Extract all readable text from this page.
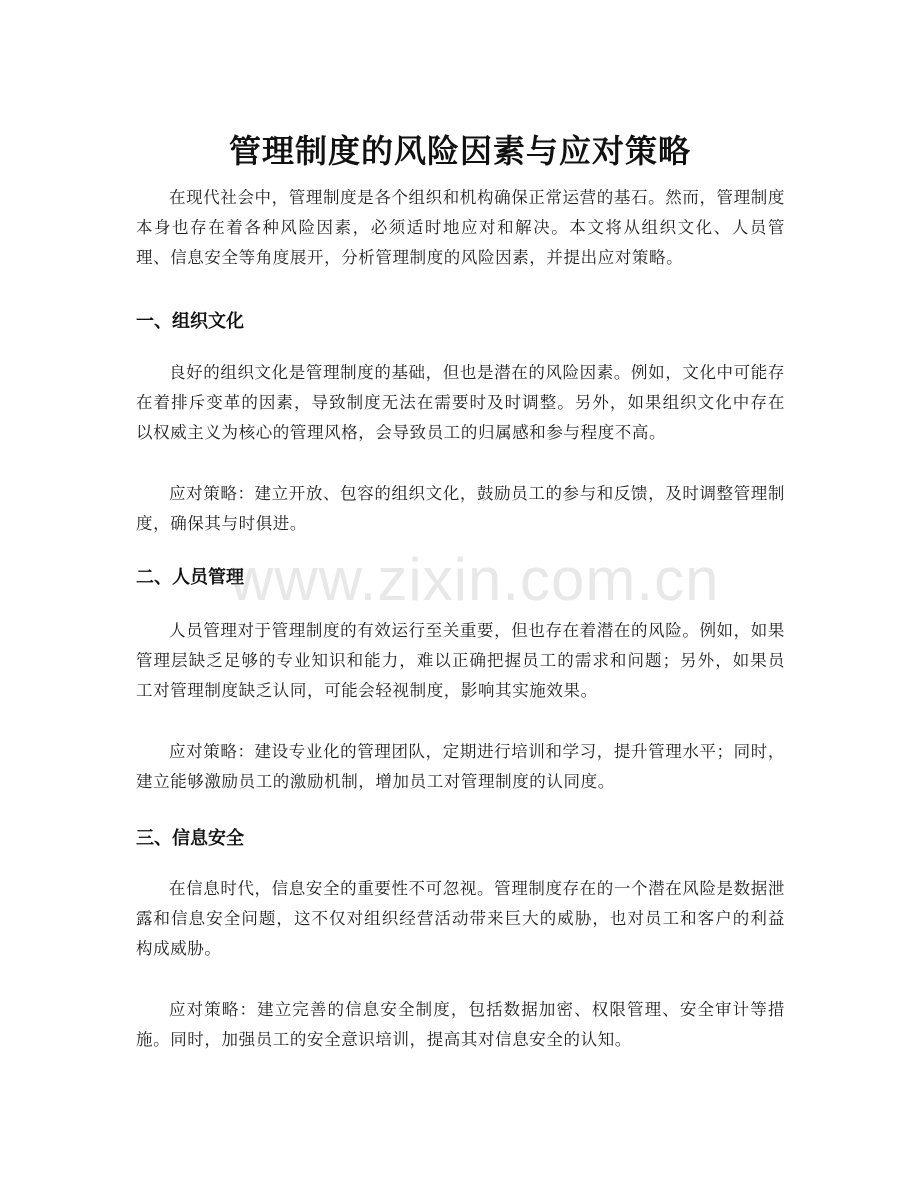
管理制度的风险因素与应对策略

在现代社会中，管理制度是各个组织和机构确保正常运营的基石。然而，管理制度本身也存在着各种风险因素，必须适时地应对和解决。本文将从组织文化、人员管理、信息安全等角度展开，分析管理制度的风险因素，并提出应对策略。

一、组织文化

良好的组织文化是管理制度的基础，但也是潜在的风险因素。例如，文化中可能存在着排斥变革的因素，导致制度无法在需要时及时调整。另外，如果组织文化中存在以权威主义为核心的管理风格，会导致员工的归属感和参与程度不高。

应对策略：建立开放、包容的组织文化，鼓励员工的参与和反馈，及时调整管理制度，确保其与时俱进。

二、人员管理

人员管理对于管理制度的有效运行至关重要，但也存在着潜在的风险。例如，如果管理层缺乏足够的专业知识和能力，难以正确把握员工的需求和问题；另外，如果员工对管理制度缺乏认同，可能会轻视制度，影响其实施效果。

应对策略：建设专业化的管理团队，定期进行培训和学习，提升管理水平；同时，建立能够激励员工的激励机制，增加员工对管理制度的认同度。

三、信息安全

在信息时代，信息安全的重要性不可忽视。管理制度存在的一个潜在风险是数据泄露和信息安全问题，这不仅对组织经营活动带来巨大的威胁，也对员工和客户的利益构成威胁。

应对策略：建立完善的信息安全制度，包括数据加密、权限管理、安全审计等措施。同时，加强员工的安全意识培训，提高其对信息安全的认知。

www.zixin.com.cn
